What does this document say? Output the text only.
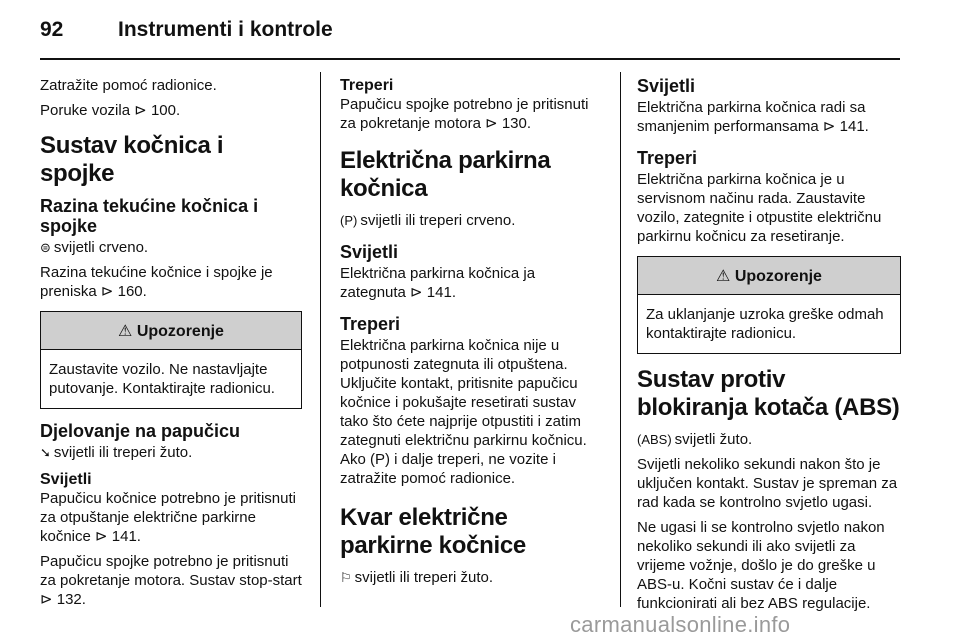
92	Instrumenti i kontrole

Zatražite pomoć radionice.

Poruke vozila ⊳ 100.

Sustav kočnica i spojke
Razina tekućine kočnica i spojke

⊜ svijetli crveno.

Razina tekućine kočnice i spojke je preniska ⊳ 160.

⚠ Upozorenje
Zaustavite vozilo. Ne nastavljajte putovanje. Kontaktirajte radionicu.
Djelovanje na papučicu

➘ svijetli ili treperi žuto.

Svijetli

Papučicu kočnice potrebno je pritisnuti za otpuštanje električne parkirne kočnice ⊳ 141.

Papučicu spojke potrebno je pritisnuti za pokretanje motora. Sustav stop-start ⊳ 132.

Treperi

Papučicu spojke potrebno je pritisnuti za pokretanje motora ⊳ 130.

Električna parkirna kočnica

(P) svijetli ili treperi crveno.

Svijetli

Električna parkirna kočnica ja zategnuta ⊳ 141.

Treperi

Električna parkirna kočnica nije u potpunosti zategnuta ili otpuštena. Uključite kontakt, pritisnite papučicu kočnice i pokušajte resetirati sustav tako što ćete najprije otpustiti i zatim zategnuti električnu parkirnu kočnicu. Ako (P) i dalje treperi, ne vozite i zatražite pomoć radionice.

Kvar električne parkirne kočnice

⚐ svijetli ili treperi žuto.

Svijetli

Električna parkirna kočnica radi sa smanjenim performansama ⊳ 141.

Treperi

Električna parkirna kočnica je u servisnom načinu rada. Zaustavite vozilo, zategnite i otpustite električnu parkirnu kočnicu za resetiranje.

⚠ Upozorenje
Za uklanjanje uzroka greške odmah kontaktirajte radionicu.
Sustav protiv blokiranja kotača (ABS)

(ABS) svijetli žuto.

Svijetli nekoliko sekundi nakon što je uključen kontakt. Sustav je spreman za rad kada se kontrolno svjetlo ugasi.

Ne ugasi li se kontrolno svjetlo nakon nekoliko sekundi ili ako svijetli za vrijeme vožnje, došlo je do greške u ABS-u. Kočni sustav će i dalje funkcionirati ali bez ABS regulacije.

carmanualsonline.info
